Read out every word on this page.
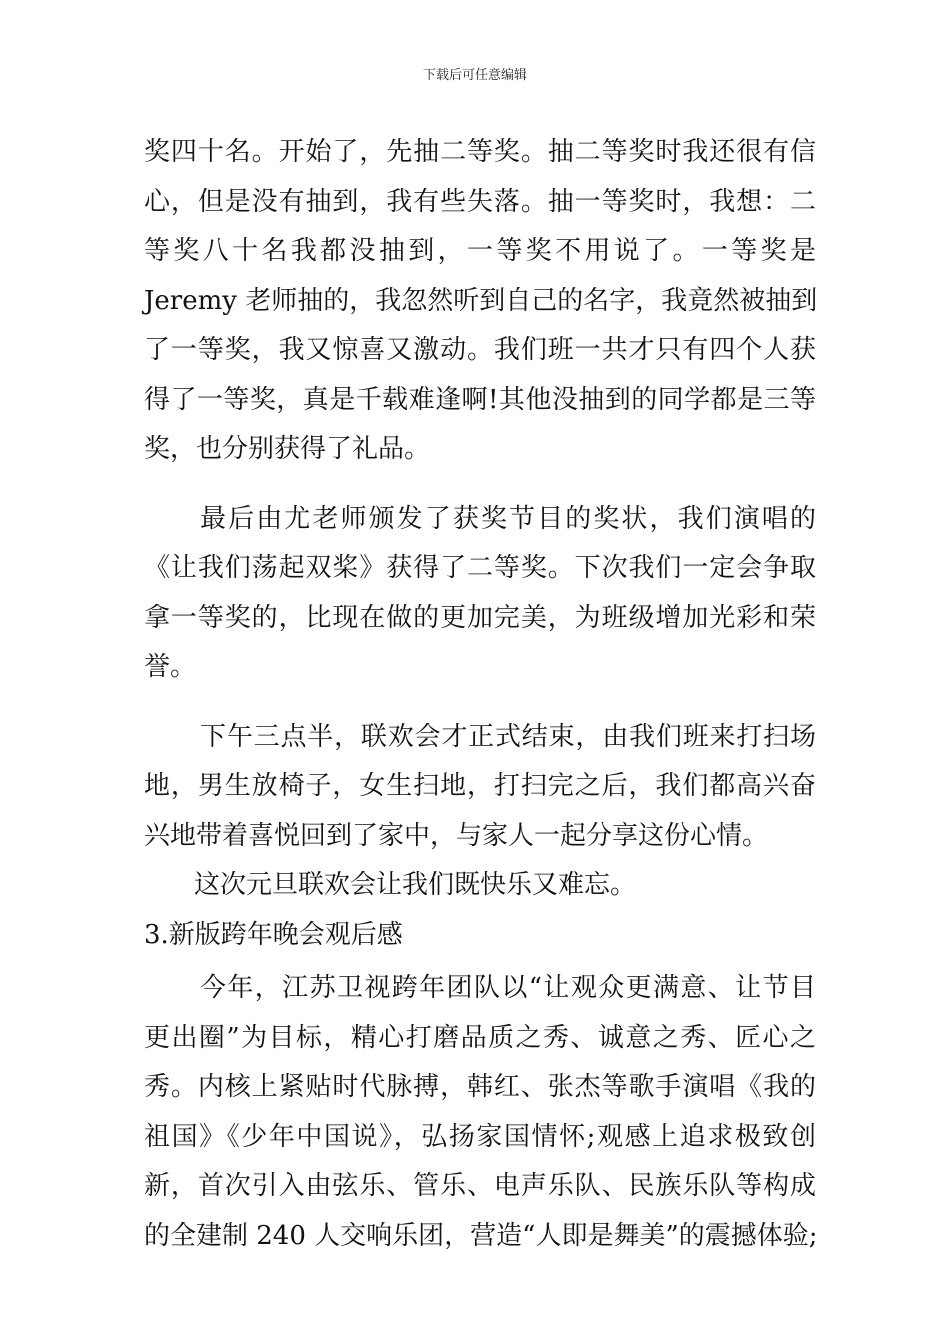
下载后可任意编辑
奖四十名。开始了，先抽二等奖。抽二等奖时我还很有信
心，但是没有抽到，我有些失落。抽一等奖时，我想：二
等奖八十名我都没抽到，一等奖不用说了。一等奖是
Jeremy 老师抽的，我忽然听到自己的名字，我竟然被抽到
了一等奖，我又惊喜又激动。我们班一共才只有四个人获
得了一等奖，真是千载难逢啊!其他没抽到的同学都是三等
奖，也分别获得了礼品。
最后由尤老师颁发了获奖节目的奖状，我们演唱的
《让我们荡起双桨》获得了二等奖。下次我们一定会争取
拿一等奖的，比现在做的更加完美，为班级增加光彩和荣
誉。
下午三点半，联欢会才正式结束，由我们班来打扫场
地，男生放椅子，女生扫地，打扫完之后，我们都高兴奋
兴地带着喜悦回到了家中，与家人一起分享这份心情。
这次元旦联欢会让我们既快乐又难忘。
3.新版跨年晚会观后感
今年，江苏卫视跨年团队以“让观众更满意、让节目
更出圈”为目标，精心打磨品质之秀、诚意之秀、匠心之
秀。内核上紧贴时代脉搏，韩红、张杰等歌手演唱《我的
祖国》《少年中国说》，弘扬家国情怀;观感上追求极致创
新，首次引入由弦乐、管乐、电声乐队、民族乐队等构成
的全建制 240 人交响乐团，营造“人即是舞美”的震撼体验;
